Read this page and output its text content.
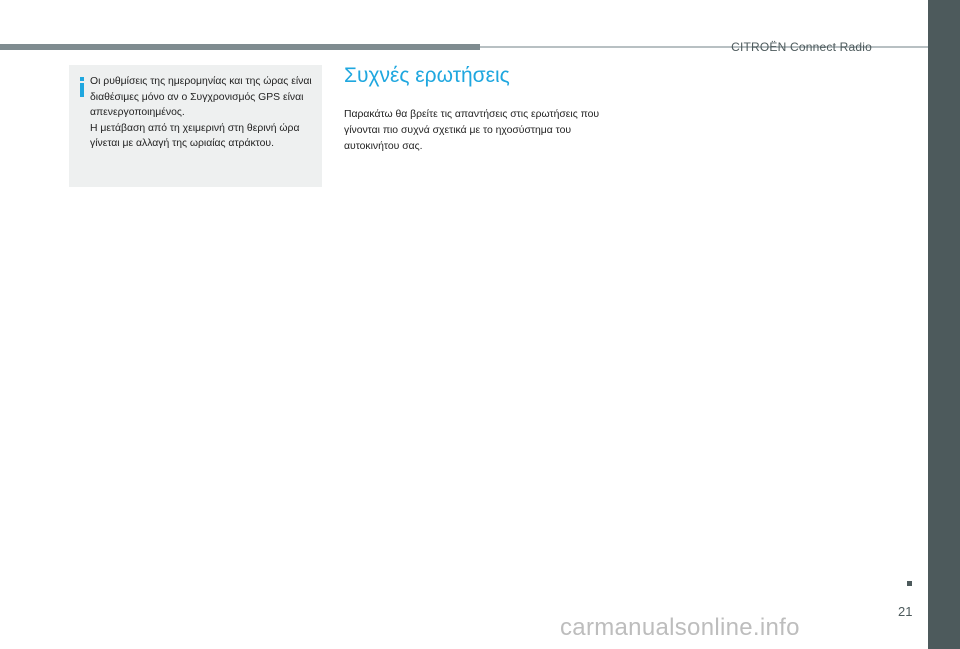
CITROËN Connect Radio

Οι ρυθμίσεις της ημερομηνίας και της ώρας είναι διαθέσιμες μόνο αν ο Συγχρονισμός GPS είναι απενεργοποιημένος.

Η μετάβαση από τη χειμερινή στη θερινή ώρα γίνεται με αλλαγή της ωριαίας ατράκτου.

Συχνές ερωτήσεις

Παρακάτω θα βρείτε τις απαντήσεις στις ερωτήσεις που γίνονται πιο συχνά σχετικά με το ηχοσύστημα του αυτοκινήτου σας.

21
carmanualsonline.info
